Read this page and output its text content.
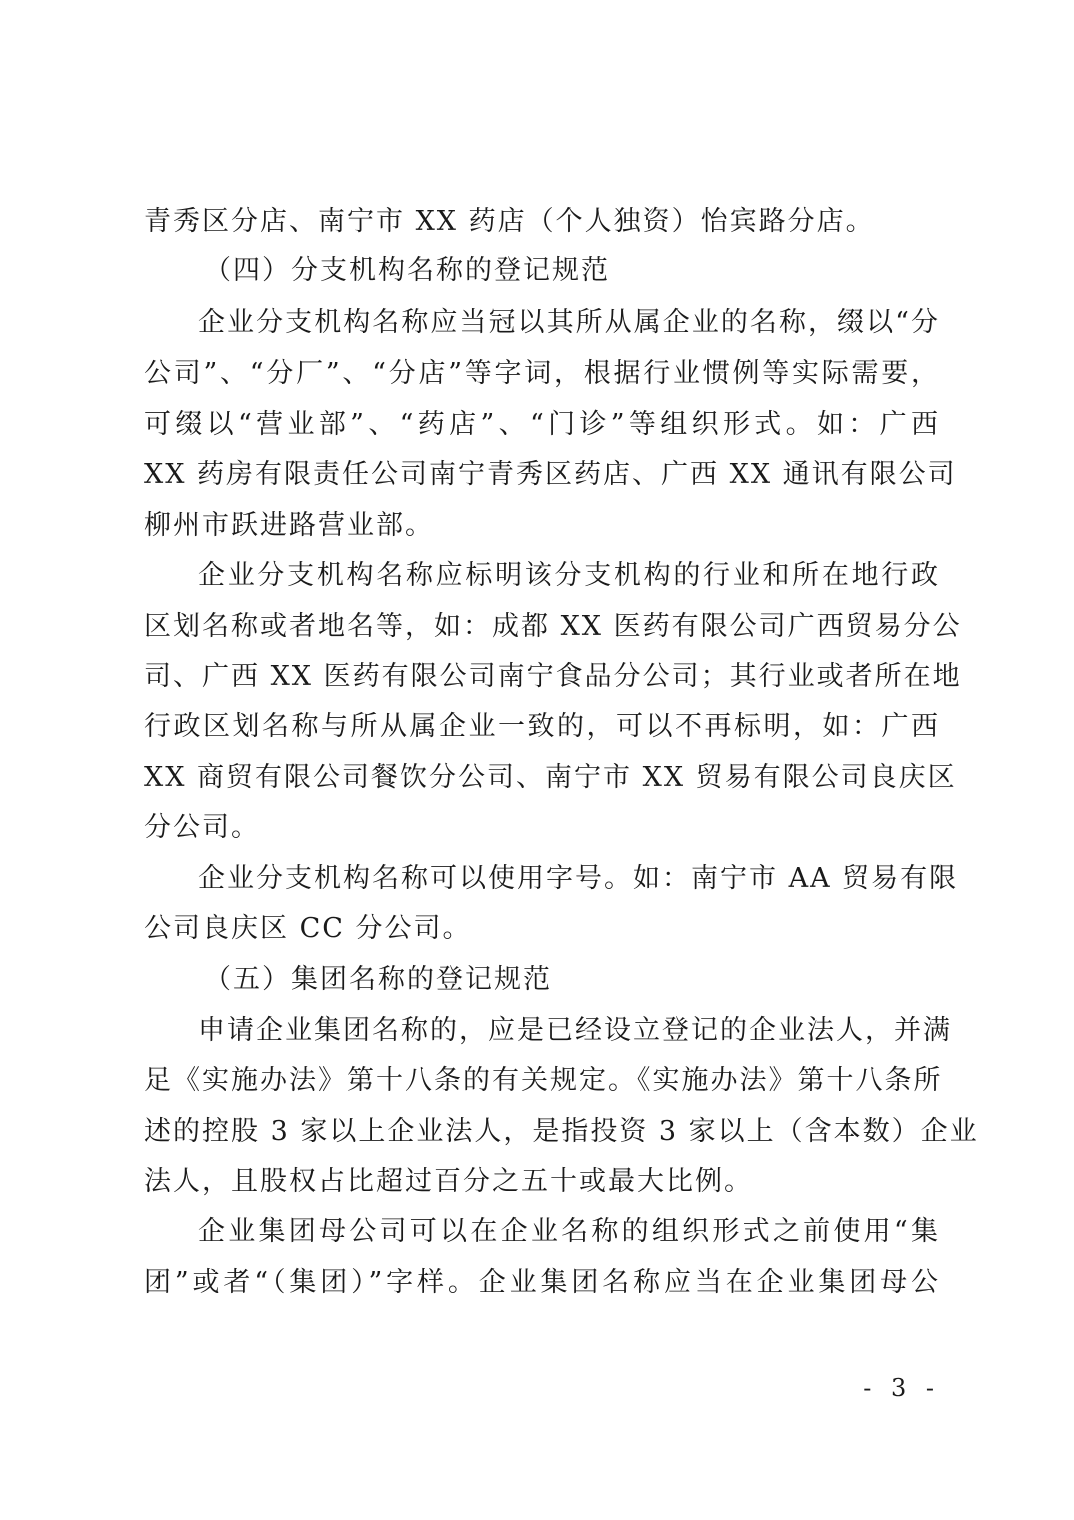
青秀区分店、南宁市 XX 药店（个人独资）怡宾路分店。
（四）分支机构名称的登记规范
企业分支机构名称应当冠以其所从属企业的名称，缀以“分
公司”、“分厂”、“分店”等字词，根据行业惯例等实际需要，
可缀以“营业部”、“药店”、“门诊”等组织形式。如：广西
XX 药房有限责任公司南宁青秀区药店、广西 XX 通讯有限公司
柳州市跃进路营业部。
企业分支机构名称应标明该分支机构的行业和所在地行政
区划名称或者地名等，如：成都 XX 医药有限公司广西贸易分公
司、广西 XX 医药有限公司南宁食品分公司；其行业或者所在地
行政区划名称与所从属企业一致的，可以不再标明，如：广西
XX 商贸有限公司餐饮分公司、南宁市 XX 贸易有限公司良庆区
分公司。
企业分支机构名称可以使用字号。如：南宁市 AA 贸易有限
公司良庆区 CC 分公司。
（五）集团名称的登记规范
申请企业集团名称的，应是已经设立登记的企业法人，并满
足《实施办法》第十八条的有关规定。《实施办法》第十八条所
述的控股 3 家以上企业法人，是指投资 3 家以上（含本数）企业
法人，且股权占比超过百分之五十或最大比例。
企业集团母公司可以在企业名称的组织形式之前使用“集
团”或者“（集团）”字样。企业集团名称应当在企业集团母公
- 3 -
